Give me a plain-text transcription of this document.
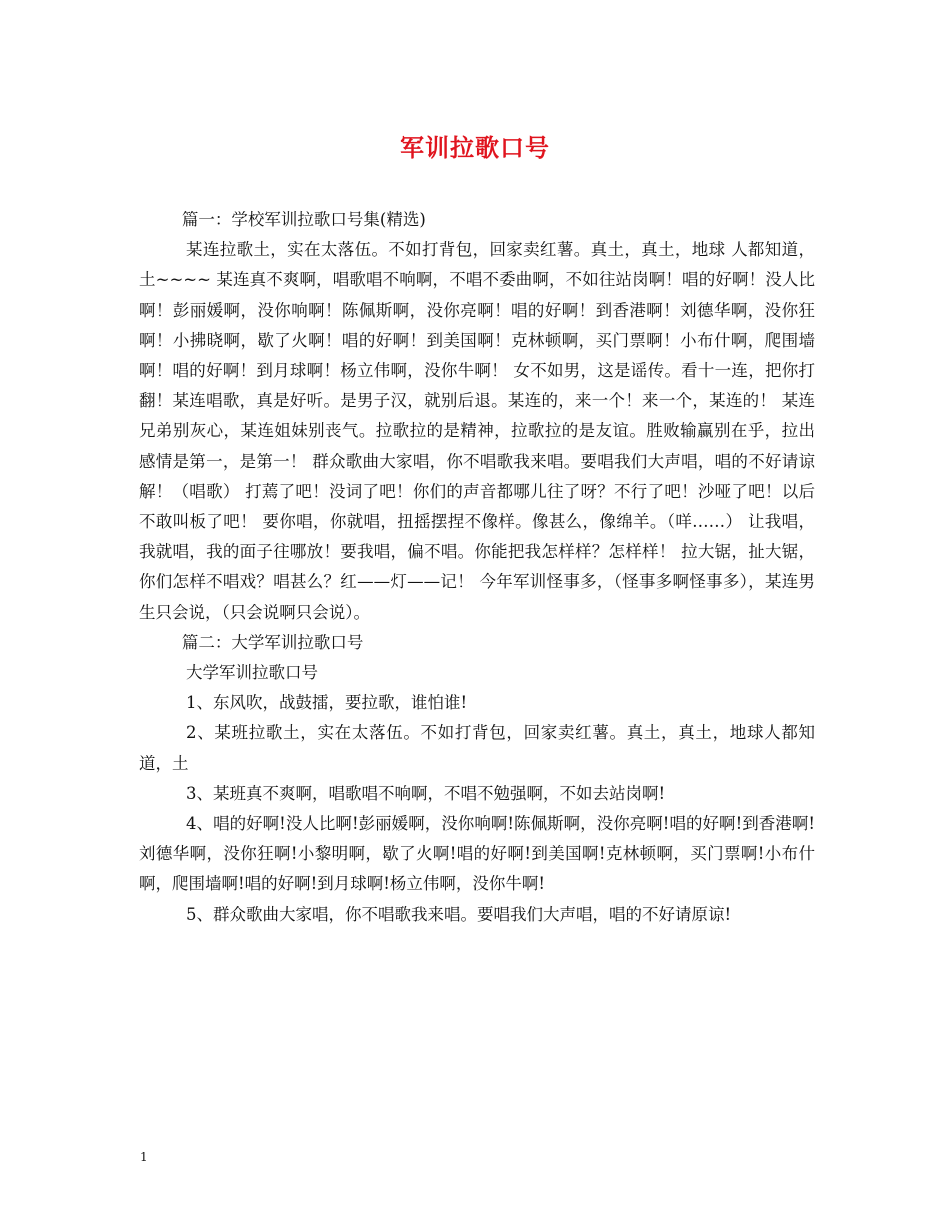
军训拉歌口号

篇一：学校军训拉歌口号集(精选)

某连拉歌土，实在太落伍。不如打背包，回家卖红薯。真土，真土，地球 人都知道，土~~~~ 某连真不爽啊，唱歌唱不响啊，不唱不委曲啊，不如往站岗啊！唱的好啊！没人比啊！彭丽媛啊，没你响啊！陈佩斯啊，没你亮啊！唱的好啊！到香港啊！刘德华啊，没你狂啊！小拂晓啊，歇了火啊！唱的好啊！到美国啊！克林顿啊，买门票啊！小布什啊，爬围墙啊！唱的好啊！到月球啊！杨立伟啊，没你牛啊！ 女不如男，这是谣传。看十一连，把你打翻！某连唱歌，真是好听。是男子汉，就别后退。某连的，来一个！来一个，某连的！ 某连兄弟别灰心，某连姐妹别丧气。拉歌拉的是精神，拉歌拉的是友谊。胜败输赢别在乎，拉出感情是第一，是第一！ 群众歌曲大家唱，你不唱歌我来唱。要唱我们大声唱，唱的不好请谅解！（唱歌） 打蔫了吧！没词了吧！你们的声音都哪儿往了呀？不行了吧！沙哑了吧！以后不敢叫板了吧！ 要你唱，你就唱，扭摇摆捏不像样。像甚么，像绵羊。（咩……） 让我唱，我就唱，我的面子往哪放！要我唱，偏不唱。你能把我怎样样？怎样样！ 拉大锯，扯大锯，你们怎样不唱戏？唱甚么？红——灯——记！ 今年军训怪事多，（怪事多啊怪事多），某连男生只会说，（只会说啊只会说）。

篇二：大学军训拉歌口号

大学军训拉歌口号

1、东风吹，战鼓擂，要拉歌，谁怕谁!

2、某班拉歌土，实在太落伍。不如打背包，回家卖红薯。真土，真土，地球人都知道，土

3、某班真不爽啊，唱歌唱不响啊，不唱不勉强啊，不如去站岗啊!

4、唱的好啊!没人比啊!彭丽媛啊，没你响啊!陈佩斯啊，没你亮啊!唱的好啊!到香港啊!刘德华啊，没你狂啊!小黎明啊，歇了火啊!唱的好啊!到美国啊!克林顿啊，买门票啊!小布什啊，爬围墙啊!唱的好啊!到月球啊!杨立伟啊，没你牛啊!

5、群众歌曲大家唱，你不唱歌我来唱。要唱我们大声唱，唱的不好请原谅!

1
